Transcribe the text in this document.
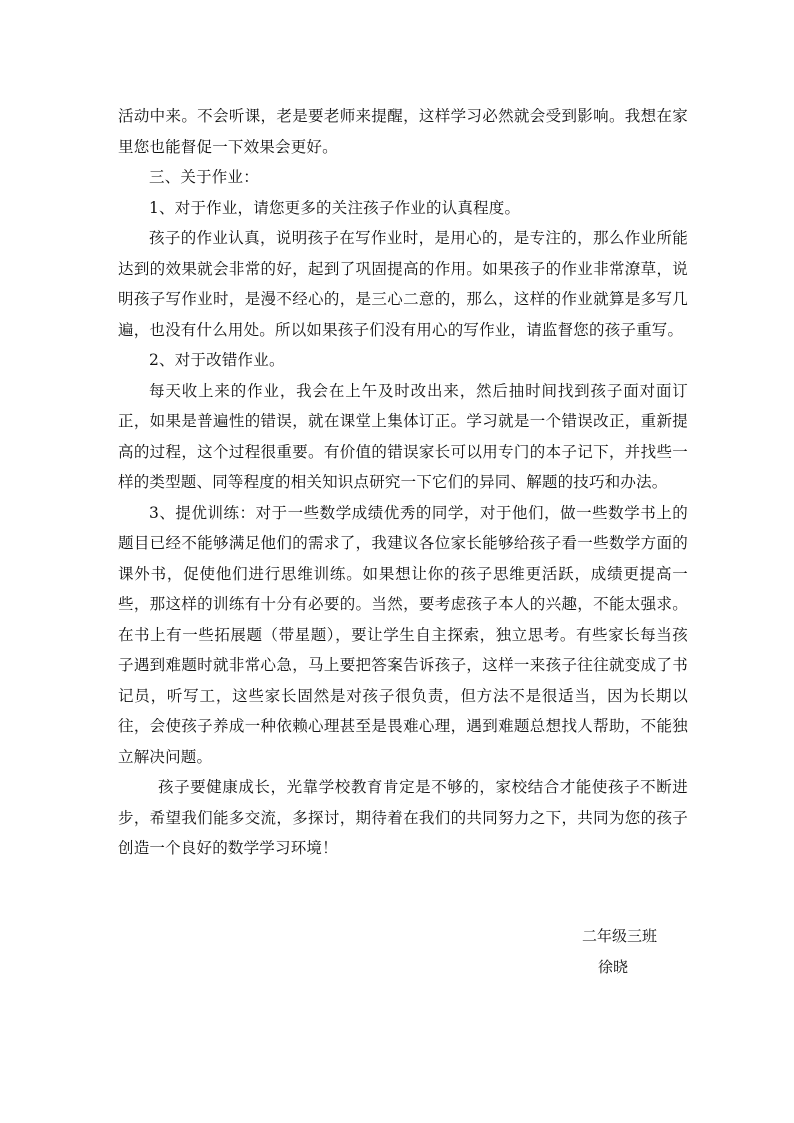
活动中来。不会听课，老是要老师来提醒，这样学习必然就会受到影响。我想在家里您也能督促一下效果会更好。

三、关于作业：

1、对于作业，请您更多的关注孩子作业的认真程度。

孩子的作业认真，说明孩子在写作业时，是用心的，是专注的，那么作业所能达到的效果就会非常的好，起到了巩固提高的作用。如果孩子的作业非常潦草，说明孩子写作业时，是漫不经心的，是三心二意的，那么，这样的作业就算是多写几遍，也没有什么用处。所以如果孩子们没有用心的写作业，请监督您的孩子重写。

2、对于改错作业。

每天收上来的作业，我会在上午及时改出来，然后抽时间找到孩子面对面订正，如果是普遍性的错误，就在课堂上集体订正。学习就是一个错误改正，重新提高的过程，这个过程很重要。有价值的错误家长可以用专门的本子记下，并找些一样的类型题、同等程度的相关知识点研究一下它们的异同、解题的技巧和办法。

3、提优训练：对于一些数学成绩优秀的同学，对于他们，做一些数学书上的题目已经不能够满足他们的需求了，我建议各位家长能够给孩子看一些数学方面的课外书，促使他们进行思维训练。如果想让你的孩子思维更活跃，成绩更提高一些，那这样的训练有十分有必要的。当然，要考虑孩子本人的兴趣，不能太强求。在书上有一些拓展题（带星题），要让学生自主探索，独立思考。有些家长每当孩子遇到难题时就非常心急，马上要把答案告诉孩子，这样一来孩子往往就变成了书记员，听写工，这些家长固然是对孩子很负责，但方法不是很适当，因为长期以往，会使孩子养成一种依赖心理甚至是畏难心理，遇到难题总想找人帮助，不能独立解决问题。

孩子要健康成长，光靠学校教育肯定是不够的，家校结合才能使孩子不断进步，希望我们能多交流，多探讨，期待着在我们的共同努力之下，共同为您的孩子创造一个良好的数学学习环境！

二年级三班
徐晓
